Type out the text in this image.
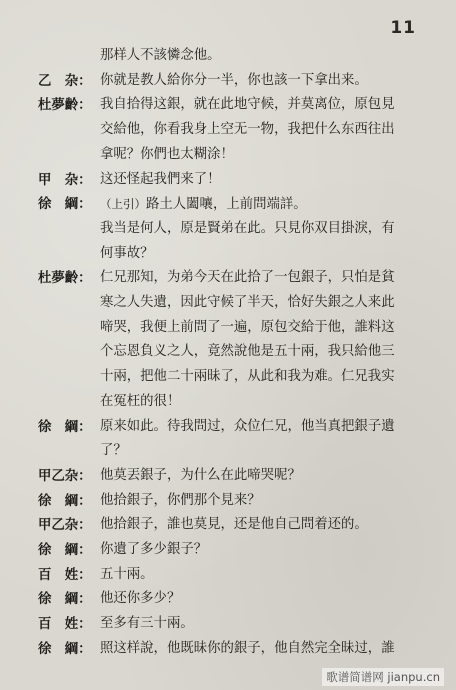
11
那样人不該憐念他。
乙　杂： 你就是教人給你分一半，你也該一下拿出来。
杜夢齡： 我自拾得这銀，就在此地守候，并莫离位，原包見
交給他，你看我身上空无一物，我把什么东西往出
拿呢？你們也太糊涂！
甲　杂： 这还怪起我們来了！
徐　綱： （上引）路土人闔嚷，上前問端詳。
我当是何人，原是賢弟在此。只見你双目掛淚，有
何事故？
杜夢齡： 仁兄那知，为弟今天在此拾了一包銀子，只怕是貧
寒之人失遺，因此守候了半天，恰好失銀之人来此
啼哭，我便上前問了一遍，原包交給于他，誰料这
个忘恩負义之人，竟然說他是五十兩，我只給他三
十兩，把他二十兩昧了，从此和我为难。仁兄我实
在冤枉的很！
徐　綱： 原来如此。待我問过，众位仁兄，他当真把銀子遺
了？
甲乙杂： 他莫丟銀子，为什么在此啼哭呢？
徐　綱： 他拾銀子，你們那个見来？
甲乙杂： 他拾銀子，誰也莫見，还是他自己問着还的。
徐　綱： 你遺了多少銀子？
百　姓： 五十兩。
徐　綱： 他还你多少？
百　姓： 至多有三十兩。
徐　綱： 照这样說，他既昧你的銀子，他自然完全昧过，誰
歌谱简谱网 jianpu.cn
